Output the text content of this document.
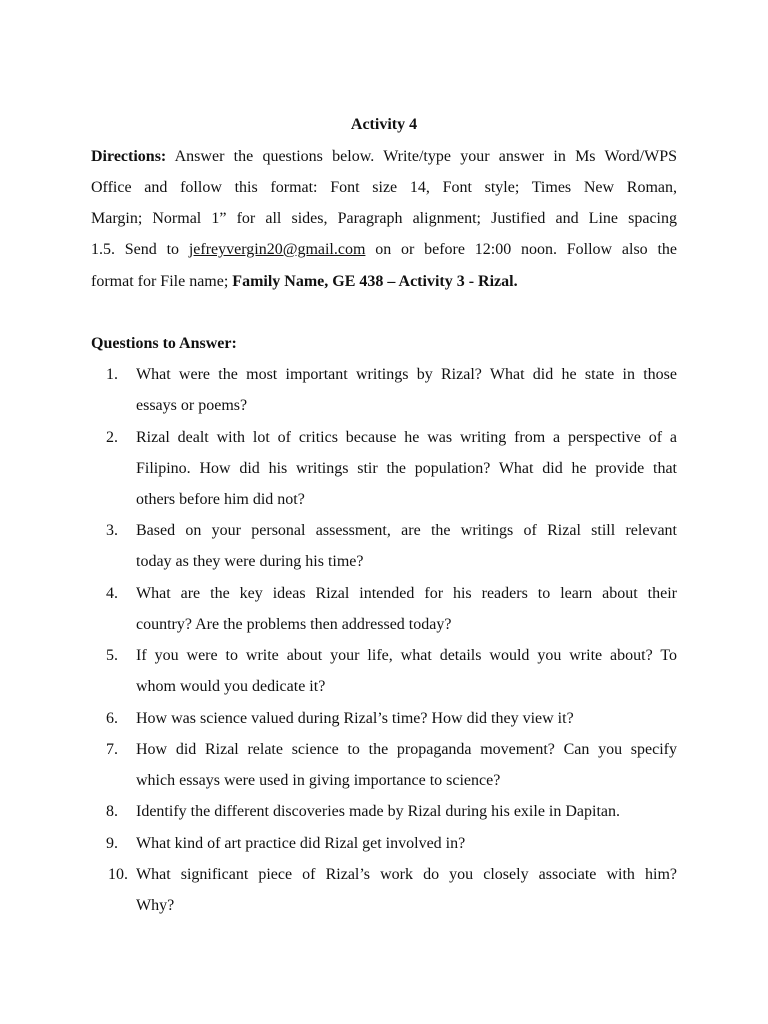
Activity 4
Directions: Answer the questions below. Write/type your answer in Ms Word/WPS
Office and follow this format: Font size 14, Font style; Times New Roman,
Margin; Normal 1” for all sides, Paragraph alignment; Justified and Line spacing
1.5. Send to jefreyvergin20@gmail.com on or before 12:00 noon. Follow also the
format for File name; Family Name, GE 438 – Activity 3 - Rizal.
Questions to Answer:
1.	What were the most important writings by Rizal? What did he state in those
essays or poems?
2.	Rizal dealt with lot of critics because he was writing from a perspective of a
Filipino. How did his writings stir the population? What did he provide that
others before him did not?
3.	Based on your personal assessment, are the writings of Rizal still relevant
today as they were during his time?
4.	What are the key ideas Rizal intended for his readers to learn about their
country? Are the problems then addressed today?
5.	If you were to write about your life, what details would you write about? To
whom would you dedicate it?
6.	How was science valued during Rizal’s time? How did they view it?
7.	How did Rizal relate science to the propaganda movement? Can you specify
which essays were used in giving importance to science?
8.	Identify the different discoveries made by Rizal during his exile in Dapitan.
9.	What kind of art practice did Rizal get involved in?
10. What significant piece of Rizal’s work do you closely associate with him?
Why?
